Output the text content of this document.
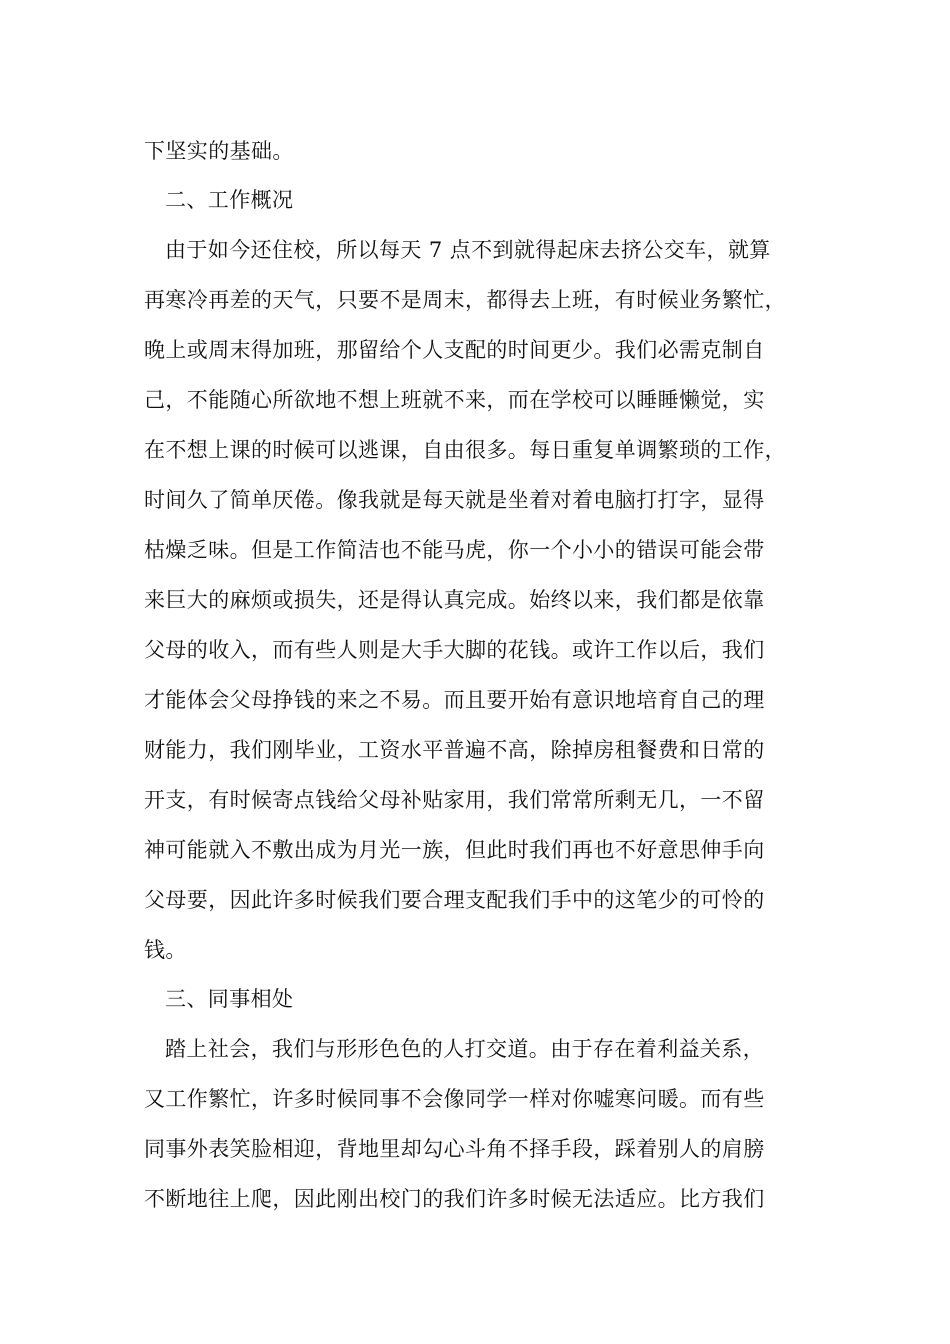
下坚实的基础。
二、工作概况
由于如今还住校，所以每天 7 点不到就得起床去挤公交车，就算
再寒冷再差的天气，只要不是周末，都得去上班，有时候业务繁忙，
晚上或周末得加班，那留给个人支配的时间更少。我们必需克制自
己，不能随心所欲地不想上班就不来，而在学校可以睡睡懒觉，实
在不想上课的时候可以逃课，自由很多。每日重复单调繁琐的工作，
时间久了简单厌倦。像我就是每天就是坐着对着电脑打打字，显得
枯燥乏味。但是工作简洁也不能马虎，你一个小小的错误可能会带
来巨大的麻烦或损失，还是得认真完成。始终以来，我们都是依靠
父母的收入，而有些人则是大手大脚的花钱。或许工作以后，我们
才能体会父母挣钱的来之不易。而且要开始有意识地培育自己的理
财能力，我们刚毕业，工资水平普遍不高，除掉房租餐费和日常的
开支，有时候寄点钱给父母补贴家用，我们常常所剩无几，一不留
神可能就入不敷出成为月光一族，但此时我们再也不好意思伸手向
父母要，因此许多时候我们要合理支配我们手中的这笔少的可怜的
钱。
三、同事相处
踏上社会，我们与形形色色的人打交道。由于存在着利益关系，
又工作繁忙，许多时候同事不会像同学一样对你嘘寒问暖。而有些
同事外表笑脸相迎，背地里却勾心斗角不择手段，踩着别人的肩膀
不断地往上爬，因此刚出校门的我们许多时候无法适应。比方我们
